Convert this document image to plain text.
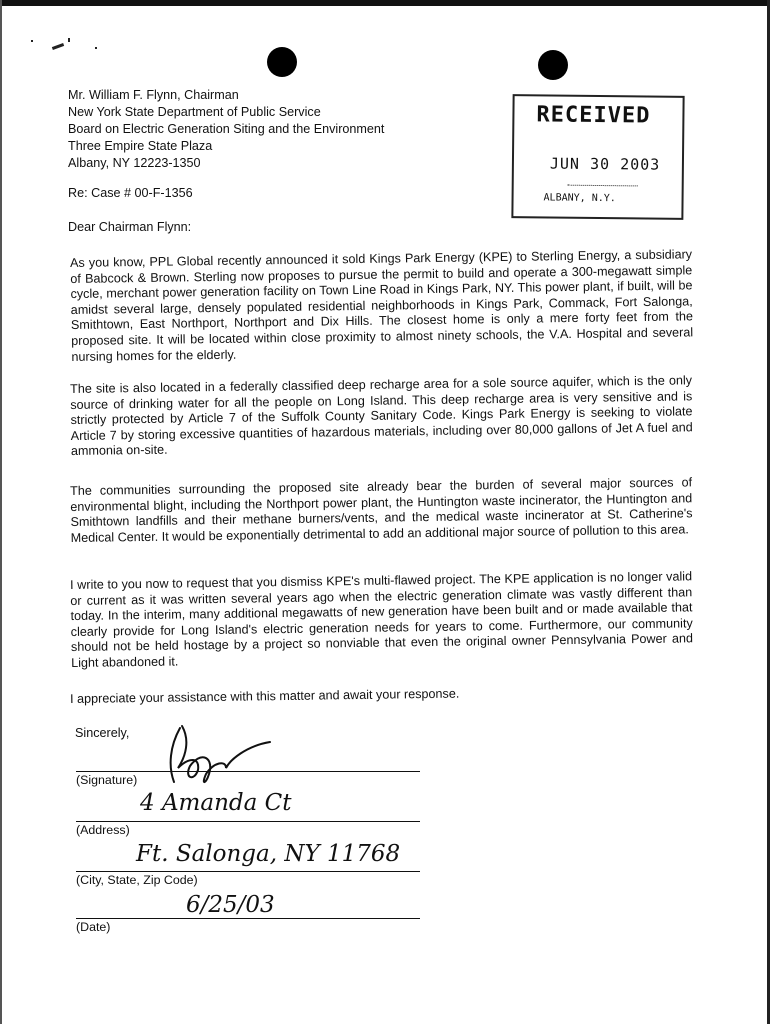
Mr. William F. Flynn, Chairman
New York State Department of Public Service
Board on Electric Generation Siting and the Environment
Three Empire State Plaza
Albany, NY 12223-1350
Re: Case # 00-F-1356
Dear Chairman Flynn:
RECEIVED
JUN 30 2003
ALBANY, N.Y.
As you know, PPL Global recently announced it sold Kings Park Energy (KPE) to Sterling Energy, a subsidiary of Babcock & Brown. Sterling now proposes to pursue the permit to build and operate a 300-megawatt simple cycle, merchant power generation facility on Town Line Road in Kings Park, NY. This power plant, if built, will be amidst several large, densely populated residential neighborhoods in Kings Park, Commack, Fort Salonga, Smithtown, East Northport, Northport and Dix Hills. The closest home is only a mere forty feet from the proposed site. It will be located within close proximity to almost ninety schools, the V.A. Hospital and several nursing homes for the elderly.
The site is also located in a federally classified deep recharge area for a sole source aquifer, which is the only source of drinking water for all the people on Long Island. This deep recharge area is very sensitive and is strictly protected by Article 7 of the Suffolk County Sanitary Code. Kings Park Energy is seeking to violate Article 7 by storing excessive quantities of hazardous materials, including over 80,000 gallons of Jet A fuel and ammonia on-site.
The communities surrounding the proposed site already bear the burden of several major sources of environmental blight, including the Northport power plant, the Huntington waste incinerator, the Huntington and Smithtown landfills and their methane burners/vents, and the medical waste incinerator at St. Catherine's Medical Center. It would be exponentially detrimental to add an additional major source of pollution to this area.
I write to you now to request that you dismiss KPE's multi-flawed project. The KPE application is no longer valid or current as it was written several years ago when the electric generation climate was vastly different than today. In the interim, many additional megawatts of new generation have been built and or made available that clearly provide for Long Island's electric generation needs for years to come. Furthermore, our community should not be held hostage by a project so nonviable that even the original owner Pennsylvania Power and Light abandoned it.
I appreciate your assistance with this matter and await your response.
Sincerely,
(Signature)
4 Amanda Ct
(Address)
Ft. Salonga, NY 11768
(City, State, Zip Code)
6/25/03
(Date)
